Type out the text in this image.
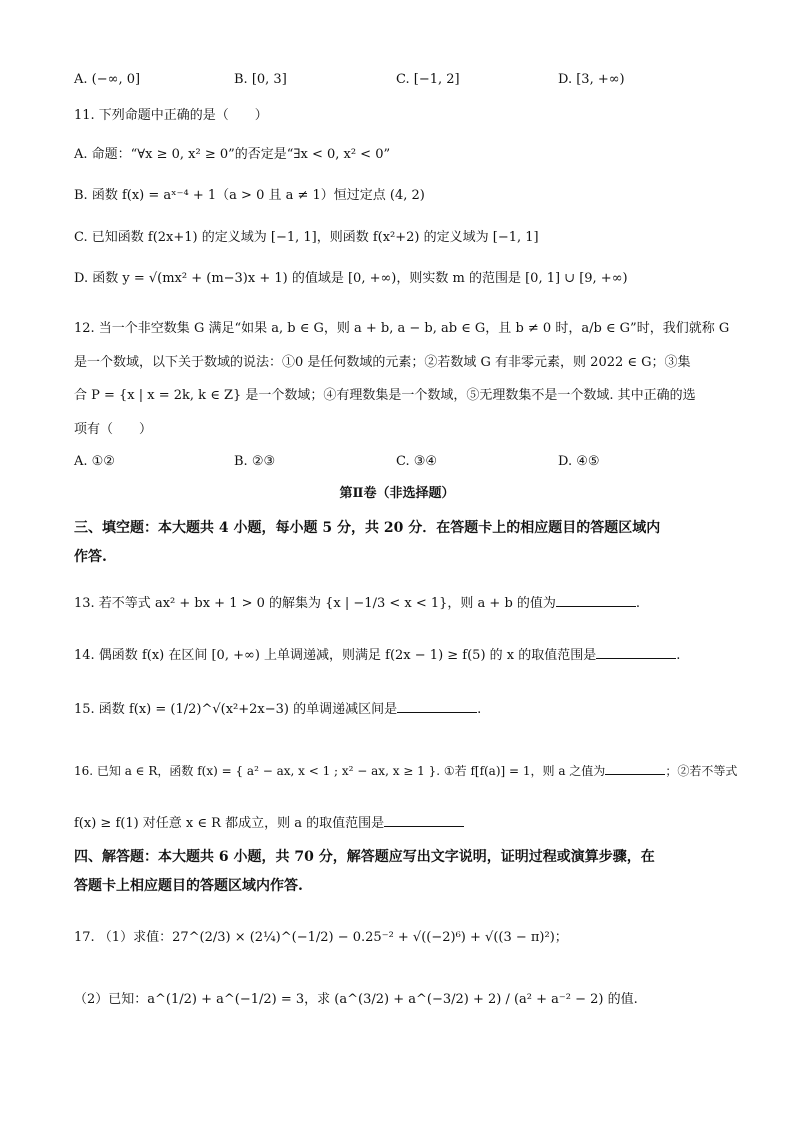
A. (−∞, 0]	B. [0, 3]	C. [−1, 2]	D. [3, +∞)
11. 下列命题中正确的是（　　）
A. 命题：“∀x ≥ 0, x² ≥ 0”的否定是“∃x < 0, x² < 0”
B. 函数 f(x) = aˣ⁻⁴ + 1（a > 0 且 a ≠ 1）恒过定点 (4, 2)
C. 已知函数 f(2x+1) 的定义域为 [−1, 1]，则函数 f(x²+2) 的定义域为 [−1, 1]
D. 函数 y = √(mx² + (m−3)x + 1) 的值域是 [0, +∞)，则实数 m 的范围是 [0, 1] ∪ [9, +∞)
12. 当一个非空数集 G 满足“如果 a, b ∈ G，则 a + b, a − b, ab ∈ G，且 b ≠ 0 时，a/b ∈ G”时，我们就称 G
是一个数域，以下关于数域的说法：①0 是任何数域的元素；②若数域 G 有非零元素，则 2022 ∈ G；③集
合 P = {x | x = 2k, k ∈ Z} 是一个数域；④有理数集是一个数域，⑤无理数集不是一个数域. 其中正确的选
项有（　　）
A. ①②	B. ②③	C. ③④	D. ④⑤
第Ⅱ卷（非选择题）
三、填空题：本大题共 4 小题，每小题 5 分，共 20 分．在答题卡上的相应题目的答题区域内
作答.
13. 若不等式 ax² + bx + 1 > 0 的解集为 {x | −1/3 < x < 1}，则 a + b 的值为	.
14. 偶函数 f(x) 在区间 [0, +∞) 上单调递减，则满足 f(2x − 1) ≥ f(5) 的 x 的取值范围是	.
15. 函数 f(x) = (1/2)^√(x²+2x−3) 的单调递减区间是	.
16. 已知 a ∈ R，函数 f(x) = { a² − ax, x < 1 ; x² − ax, x ≥ 1 }. ①若 f[f(a)] = 1，则 a 之值为	；②若不等式
f(x) ≥ f(1) 对任意 x ∈ R 都成立，则 a 的取值范围是
四、解答题：本大题共 6 小题，共 70 分，解答题应写出文字说明，证明过程或演算步骤，在
答题卡上相应题目的答题区域内作答.
17. （1）求值：27^(2/3) × (2¼)^(−1/2) − 0.25⁻² + √((−2)⁶) + √((3 − π)²)；
（2）已知：a^(1/2) + a^(−1/2) = 3，求 (a^(3/2) + a^(−3/2) + 2) / (a² + a⁻² − 2) 的值.
